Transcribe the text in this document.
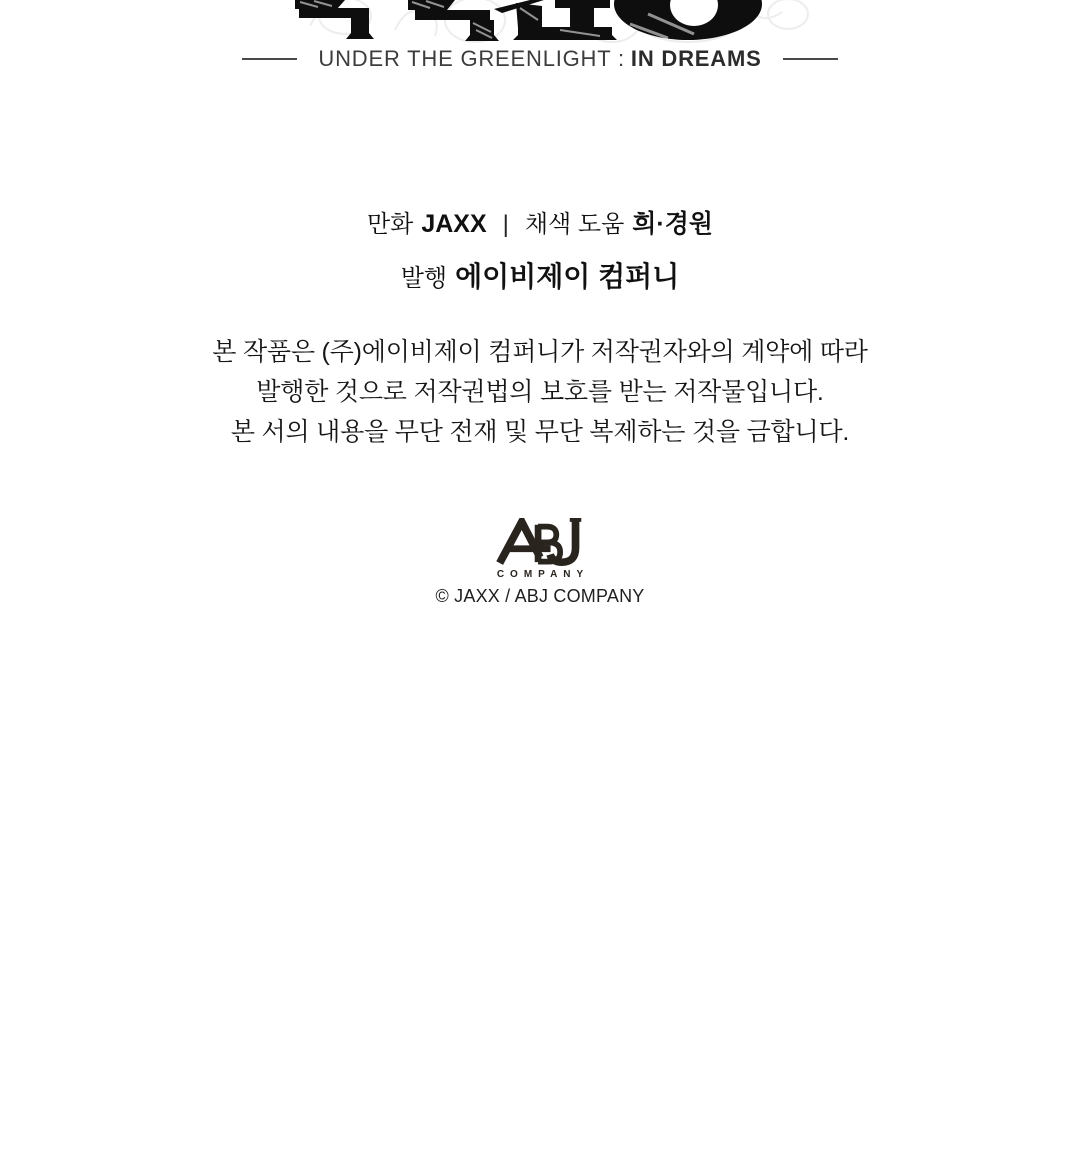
UNDER THE GREENLIGHT : IN DREAMS
만화 JAXX | 채색 도움 희·경원
발행 에이비제이 컴퍼니
본 작품은 (주)에이비제이 컴퍼니가 저작권자와의 계약에 따라
발행한 것으로 저작권법의 보호를 받는 저작물입니다.
본 서의 내용을 무단 전재 및 무단 복제하는 것을 금합니다.
COMPANY
© JAXX / ABJ COMPANY
